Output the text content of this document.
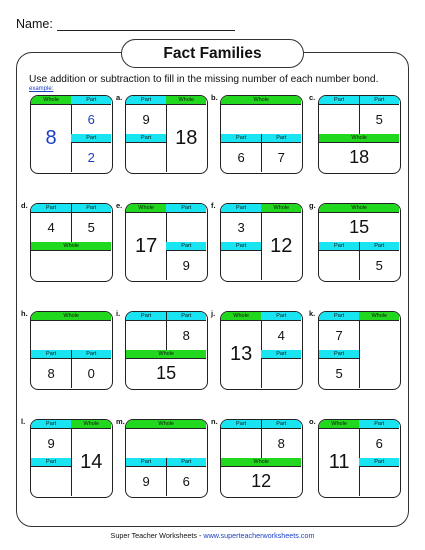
Name:
Fact Families
Use addition or subtraction to fill in the missing number of each number bond.
example:
Whole
8
Part
6
Part
2
a.	Whole
18
Part
9
Part
b.	Whole
Part	Part
6	7
c.
Whole
18
Part	Part
5
d.
Whole
Part	Part
4	5
e.	Whole
17
Part
Part
9
f.	Whole
12
Part
3
Part
g.	Whole
15
Part	Part
5
h.	Whole
Part	Part
8	0
i.
Whole
15
Part	Part
8
j.	Whole
13
Part
4
Part
k.	Whole
Part
7
Part
5
l.	Whole
14
Part
9
Part
m.	Whole
Part	Part
9	6
n.
Whole
12
Part	Part
8
o.	Whole
11
Part
6
Part
Super Teacher Worksheets - www.superteacherworksheets.com
